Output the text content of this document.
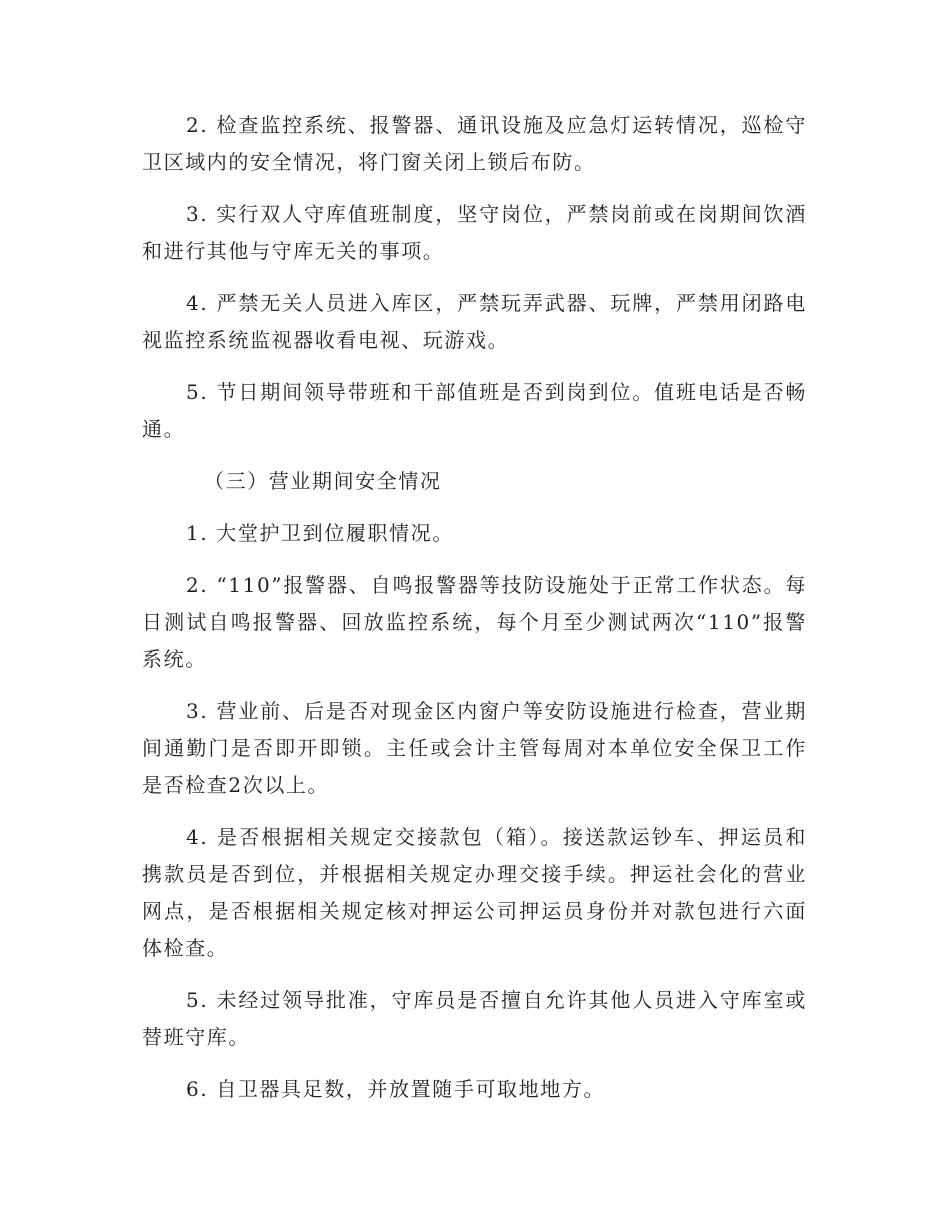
2. 检查监控系统、报警器、通讯设施及应急灯运转情况，巡检守卫区域内的安全情况，将门窗关闭上锁后布防。

3. 实行双人守库值班制度，坚守岗位，严禁岗前或在岗期间饮酒和进行其他与守库无关的事项。

4. 严禁无关人员进入库区，严禁玩弄武器、玩牌，严禁用闭路电视监控系统监视器收看电视、玩游戏。

5. 节日期间领导带班和干部值班是否到岗到位。值班电话是否畅通。

（三）营业期间安全情况

1. 大堂护卫到位履职情况。

2. “110”报警器、自鸣报警器等技防设施处于正常工作状态。每日测试自鸣报警器、回放监控系统，每个月至少测试两次“110”报警系统。

3. 营业前、后是否对现金区内窗户等安防设施进行检查，营业期间通勤门是否即开即锁。主任或会计主管每周对本单位安全保卫工作是否检查2次以上。

4. 是否根据相关规定交接款包（箱）。接送款运钞车、押运员和携款员是否到位，并根据相关规定办理交接手续。押运社会化的营业网点，是否根据相关规定核对押运公司押运员身份并对款包进行六面体检查。

5. 未经过领导批准，守库员是否擅自允许其他人员进入守库室或替班守库。

6. 自卫器具足数，并放置随手可取地地方。
